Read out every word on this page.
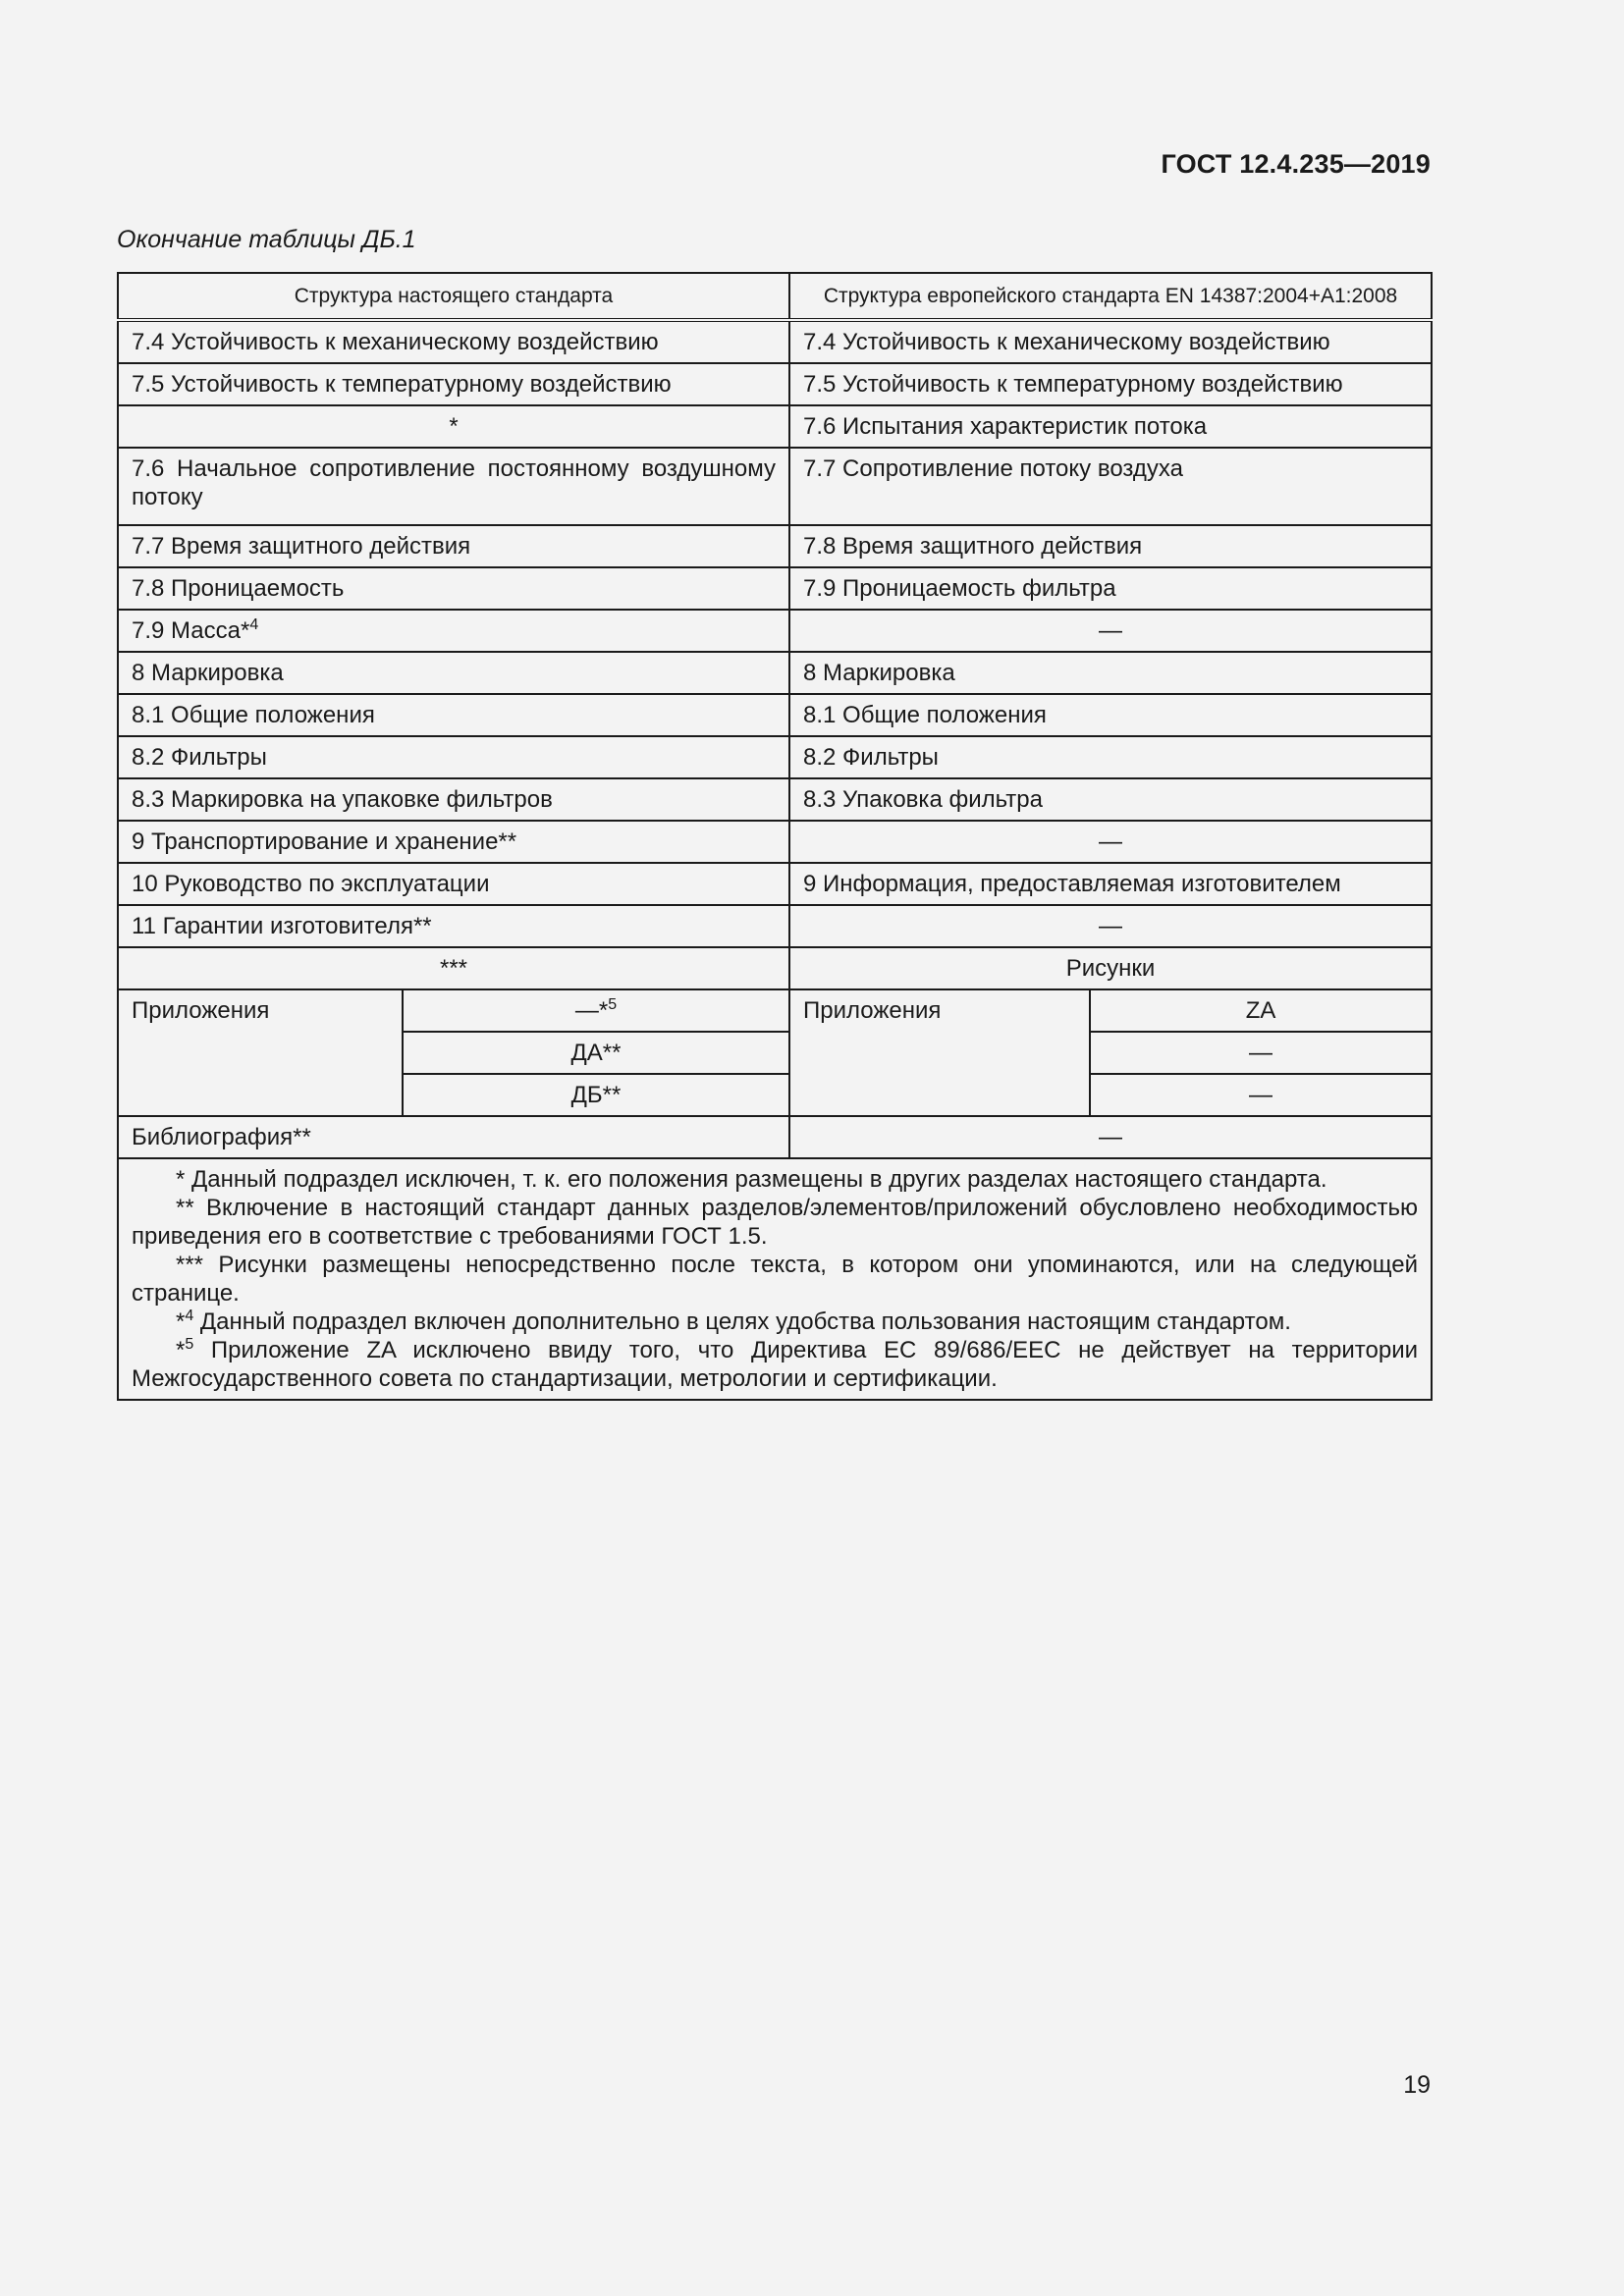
ГОСТ 12.4.235—2019
Окончание таблицы ДБ.1
Структура настоящего стандарта		Структура европейского стандарта EN 14387:2004+A1:2008	
7.4 Устойчивость к механическому воздействию		7.4 Устойчивость к механическому воздействию	
7.5 Устойчивость к температурному воздействию		7.5 Устойчивость к температурному воздействию	
*		7.6 Испытания характеристик потока	
7.6 Начальное сопротивление постоянному воздушному потоку		7.7 Сопротивление потоку воздуха	
7.7 Время защитного действия		7.8 Время защитного действия	
7.8 Проницаемость		7.9 Проницаемость фильтра	
7.9 Масса*$^4$		—	
8 Маркировка		8 Маркировка	
8.1 Общие положения		8.1 Общие положения	
8.2 Фильтры		8.2 Фильтры	
8.3 Маркировка на упаковке фильтров		8.3 Упаковка фильтра	
9 Транспортирование и хранение**		—	
10 Руководство по эксплуатации		9 Информация, предоставляемая изготовителем	
11 Гарантии изготовителя**		—	
***		Рисунки	
Приложения	—*$^5$	Приложения	ZA
	ДА**		—
	ДБ**		—
Библиография**		—	

* Данный подраздел исключен, т. к. его положения размещены в других разделах настоящего стандарта.
** Включение в настоящий стандарт данных разделов/элементов/приложений обусловлено необходимостью приведения его в соответствие с требованиями ГОСТ 1.5.
*** Рисунки размещены непосредственно после текста, в котором они упоминаются, или на следующей странице.
*$^4$ Данный подраздел включен дополнительно в целях удобства пользования настоящим стандартом.
*$^5$ Приложение ZA исключено ввиду того, что Директива ЕС 89/686/EEC не действует на территории Межгосударственного совета по стандартизации, метрологии и сертификации.			
19
